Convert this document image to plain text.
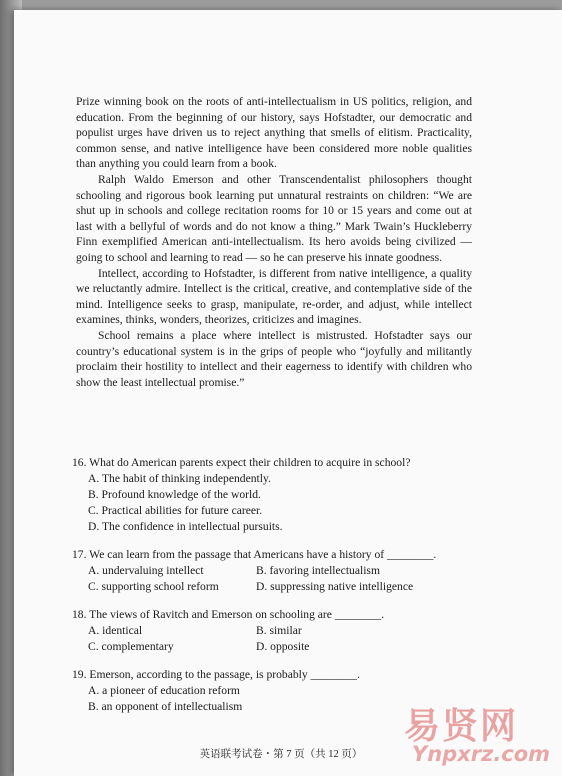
Prize winning book on the roots of anti-intellectualism in US politics, religion, and education. From the beginning of our history, says Hofstadter, our democratic and populist urges have driven us to reject anything that smells of elitism. Practicality, common sense, and native intelligence have been considered more noble qualities than anything you could learn from a book.

Ralph Waldo Emerson and other Transcendentalist philosophers thought schooling and rigorous book learning put unnatural restraints on children: “We are shut up in schools and college recitation rooms for 10 or 15 years and come out at last with a bellyful of words and do not know a thing.” Mark Twain’s Huckleberry Finn exemplified American anti-intellectualism. Its hero avoids being civilized — going to school and learning to read — so he can preserve his innate goodness.

Intellect, according to Hofstadter, is different from native intelligence, a quality we reluctantly admire. Intellect is the critical, creative, and contemplative side of the mind. Intelligence seeks to grasp, manipulate, re-order, and adjust, while intellect examines, thinks, wonders, theorizes, criticizes and imagines.

School remains a place where intellect is mistrusted. Hofstadter says our country’s educational system is in the grips of people who “joyfully and militantly proclaim their hostility to intellect and their eagerness to identify with children who show the least intellectual promise.”

16. What do American parents expect their children to acquire in school?
A. The habit of thinking independently.
B. Profound knowledge of the world.
C. Practical abilities for future career.
D. The confidence in intellectual pursuits.
17. We can learn from the passage that Americans have a history of ________.
A. undervaluing intellect	B. favoring intellectualism
C. supporting school reform	D. suppressing native intelligence
18. The views of Ravitch and Emerson on schooling are ________.
A. identical	B. similar
C. complementary	D. opposite
19. Emerson, according to the passage, is probably ________.
A. a pioneer of education reform
B. an opponent of intellectualism
英语联考试卷・第 7 页（共 12 页）
易贤网
Ynpxrz.com
